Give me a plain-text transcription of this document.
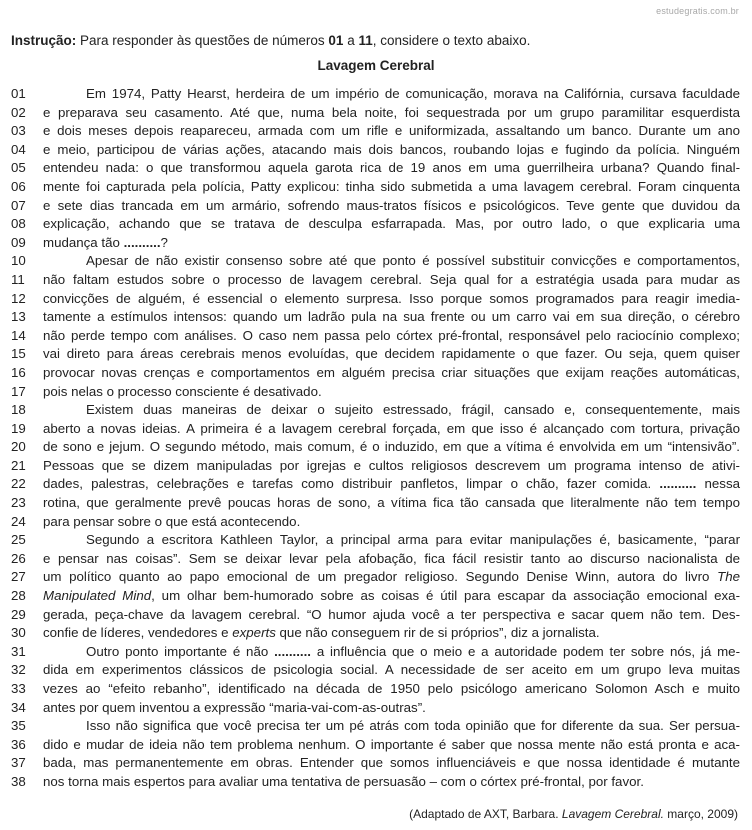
estudegratis.com.br
Instrução: Para responder às questões de números 01 a 11, considere o texto abaixo.
Lavagem Cerebral
01	Em 1974, Patty Hearst, herdeira de um império de comunicação, morava na Califórnia, cursava faculdade
02 e preparava seu casamento. Até que, numa bela noite, foi sequestrada por um grupo paramilitar esquerdista
03 e dois meses depois reapareceu, armada com um rifle e uniformizada, assaltando um banco. Durante um ano
04 e meio, participou de várias ações, atacando mais dois bancos, roubando lojas e fugindo da polícia. Ninguém
05 entendeu nada: o que transformou aquela garota rica de 19 anos em uma guerrilheira urbana? Quando final-
06 mente foi capturada pela polícia, Patty explicou: tinha sido submetida a uma lavagem cerebral. Foram cinquenta
07 e sete dias trancada em um armário, sofrendo maus-tratos físicos e psicológicos. Teve gente que duvidou da
08 explicação, achando que se tratava de desculpa esfarrapada. Mas, por outro lado, o que explicaria uma
09 mudança tão ..........?
10	Apesar de não existir consenso sobre até que ponto é possível substituir convicções e comportamentos,
11 não faltam estudos sobre o processo de lavagem cerebral. Seja qual for a estratégia usada para mudar as
12 convicções de alguém, é essencial o elemento surpresa. Isso porque somos programados para reagir imedia-
13 tamente a estímulos intensos: quando um ladrão pula na sua frente ou um carro vai em sua direção, o cérebro
14 não perde tempo com análises. O caso nem passa pelo córtex pré-frontal, responsável pelo raciocínio complexo;
15 vai direto para áreas cerebrais menos evoluídas, que decidem rapidamente o que fazer. Ou seja, quem quiser
16 provocar novas crenças e comportamentos em alguém precisa criar situações que exijam reações automáticas,
17 pois nelas o processo consciente é desativado.
18	Existem duas maneiras de deixar o sujeito estressado, frágil, cansado e, consequentemente, mais
19 aberto a novas ideias. A primeira é a lavagem cerebral forçada, em que isso é alcançado com tortura, privação
20 de sono e jejum. O segundo método, mais comum, é o induzido, em que a vítima é envolvida em um “intensivão”.
21 Pessoas que se dizem manipuladas por igrejas e cultos religiosos descrevem um programa intenso de ativi-
22 dades, palestras, celebrações e tarefas como distribuir panfletos, limpar o chão, fazer comida. .......... nessa
23 rotina, que geralmente prevê poucas horas de sono, a vítima fica tão cansada que literalmente não tem tempo
24 para pensar sobre o que está acontecendo.
25	Segundo a escritora Kathleen Taylor, a principal arma para evitar manipulações é, basicamente, “parar
26 e pensar nas coisas”. Sem se deixar levar pela afobação, fica fácil resistir tanto ao discurso nacionalista de
27 um político quanto ao papo emocional de um pregador religioso. Segundo Denise Winn, autora do livro The
28 Manipulated Mind, um olhar bem-humorado sobre as coisas é útil para escapar da associação emocional exa-
29 gerada, peça-chave da lavagem cerebral. “O humor ajuda você a ter perspectiva e sacar quem não tem. Des-
30 confie de líderes, vendedores e experts que não conseguem rir de si próprios”, diz a jornalista.
31	Outro ponto importante é não .......... a influência que o meio e a autoridade podem ter sobre nós, já me-
32 dida em experimentos clássicos de psicologia social. A necessidade de ser aceito em um grupo leva muitas
33 vezes ao “efeito rebanho”, identificado na década de 1950 pelo psicólogo americano Solomon Asch e muito
34 antes por quem inventou a expressão “maria-vai-com-as-outras”.
35	Isso não significa que você precisa ter um pé atrás com toda opinião que for diferente da sua. Ser persua-
36 dido e mudar de ideia não tem problema nenhum. O importante é saber que nossa mente não está pronta e aca-
37 bada, mas permanentemente em obras. Entender que somos influenciáveis e que nossa identidade é mutante
38 nos torna mais espertos para avaliar uma tentativa de persuasão – com o córtex pré-frontal, por favor.
(Adaptado de AXT, Barbara. Lavagem Cerebral. março, 2009)
